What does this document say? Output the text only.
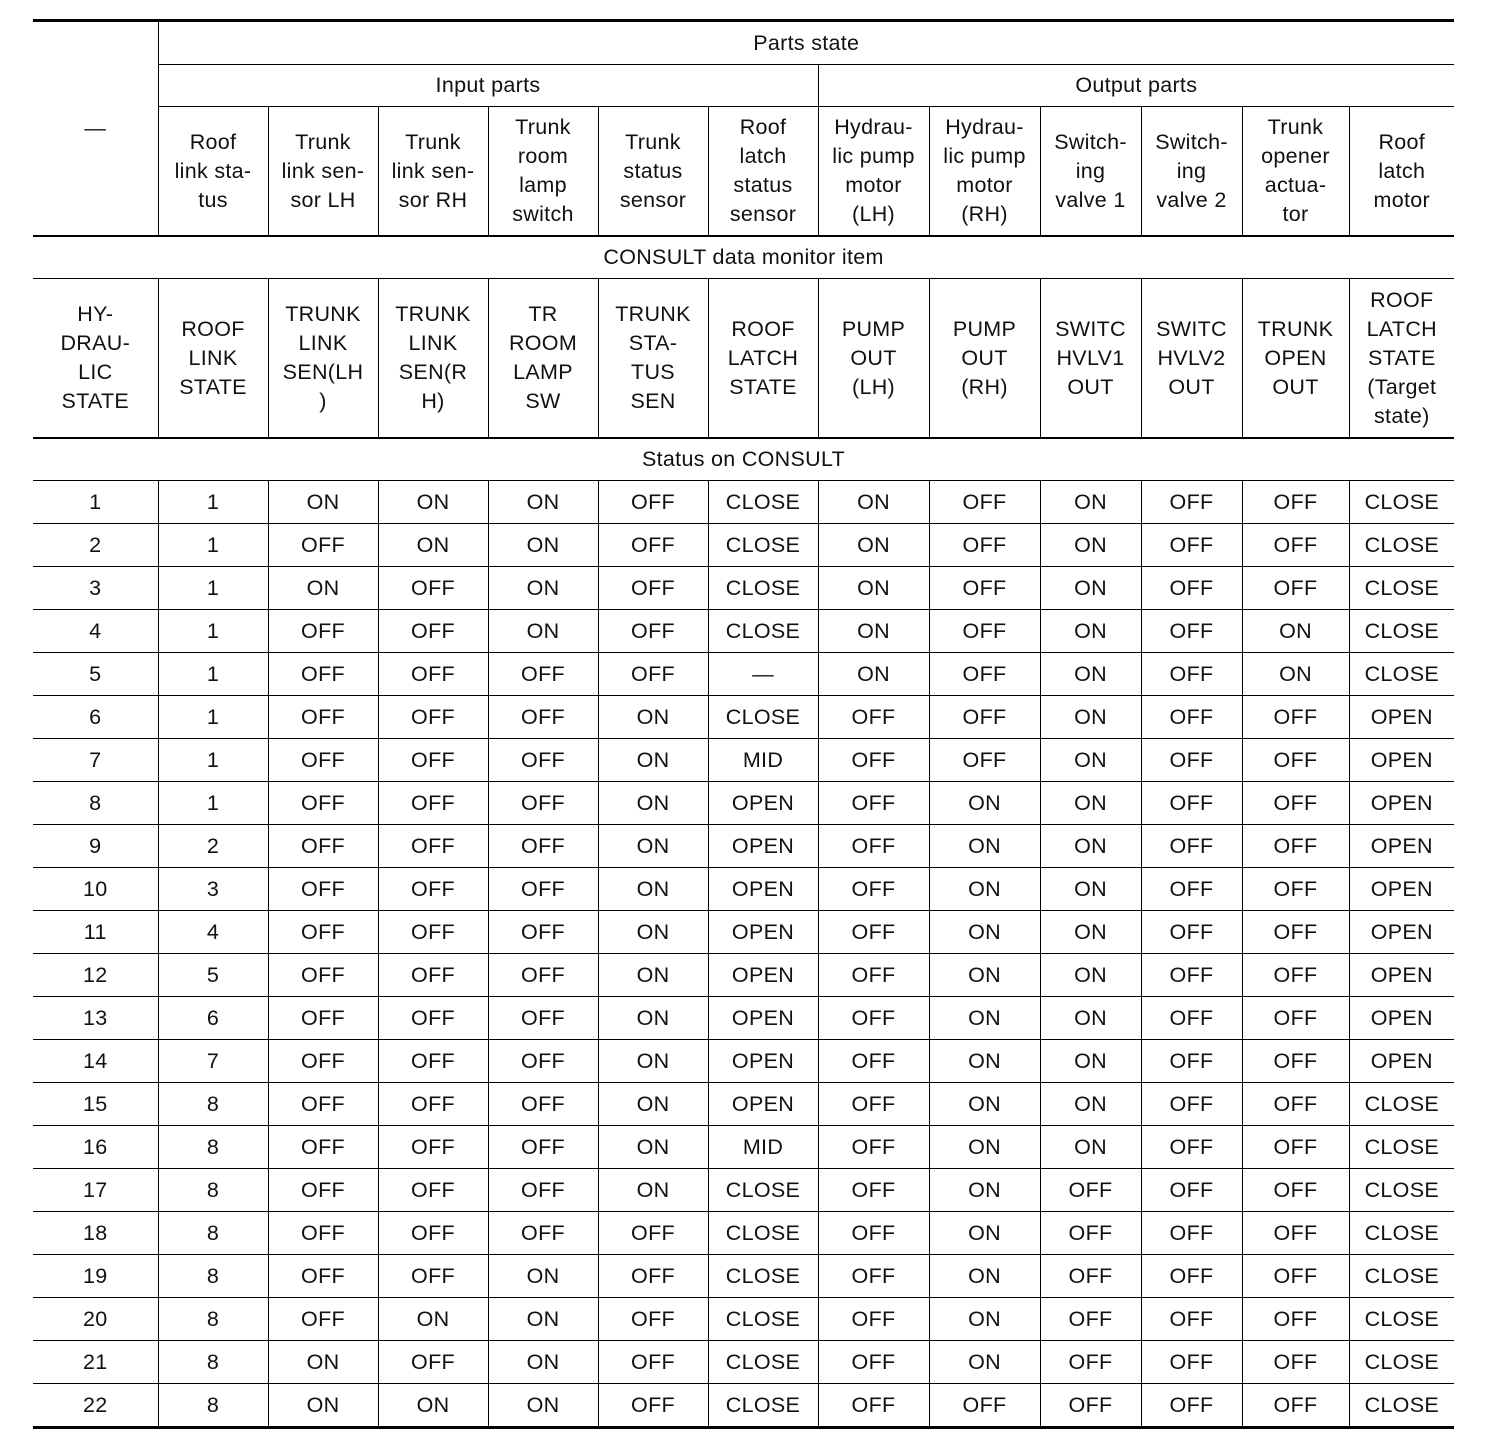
—	Parts state											
	Input parts						Output parts					
	Roof
link sta-
tus	Trunk
link sen-
sor LH	Trunk
link sen-
sor RH	Trunk
room
lamp
switch	Trunk
status
sensor	Roof
latch
status
sensor	Hydrau-
lic pump
motor
(LH)	Hydrau-
lic pump
motor
(RH)	Switch-
ing
valve 1	Switch-
ing
valve 2	Trunk
opener
actua-
tor	Roof
latch
motor
CONSULT data monitor item												
HY-
DRAU-
LIC
STATE	ROOF
LINK
STATE	TRUNK
LINK
SEN(LH
)	TRUNK
LINK
SEN(R
H)	TR
ROOM
LAMP
SW	TRUNK
STA-
TUS
SEN	ROOF
LATCH
STATE	PUMP
OUT
(LH)	PUMP
OUT
(RH)	SWITC
HVLV1
OUT	SWITC
HVLV2
OUT	TRUNK
OPEN
OUT	ROOF
LATCH
STATE
(Target
state)
Status on CONSULT												
1	1	ON	ON	ON	OFF	CLOSE	ON	OFF	ON	OFF	OFF	CLOSE
2	1	OFF	ON	ON	OFF	CLOSE	ON	OFF	ON	OFF	OFF	CLOSE
3	1	ON	OFF	ON	OFF	CLOSE	ON	OFF	ON	OFF	OFF	CLOSE
4	1	OFF	OFF	ON	OFF	CLOSE	ON	OFF	ON	OFF	ON	CLOSE
5	1	OFF	OFF	OFF	OFF	—	ON	OFF	ON	OFF	ON	CLOSE
6	1	OFF	OFF	OFF	ON	CLOSE	OFF	OFF	ON	OFF	OFF	OPEN
7	1	OFF	OFF	OFF	ON	MID	OFF	OFF	ON	OFF	OFF	OPEN
8	1	OFF	OFF	OFF	ON	OPEN	OFF	ON	ON	OFF	OFF	OPEN
9	2	OFF	OFF	OFF	ON	OPEN	OFF	ON	ON	OFF	OFF	OPEN
10	3	OFF	OFF	OFF	ON	OPEN	OFF	ON	ON	OFF	OFF	OPEN
11	4	OFF	OFF	OFF	ON	OPEN	OFF	ON	ON	OFF	OFF	OPEN
12	5	OFF	OFF	OFF	ON	OPEN	OFF	ON	ON	OFF	OFF	OPEN
13	6	OFF	OFF	OFF	ON	OPEN	OFF	ON	ON	OFF	OFF	OPEN
14	7	OFF	OFF	OFF	ON	OPEN	OFF	ON	ON	OFF	OFF	OPEN
15	8	OFF	OFF	OFF	ON	OPEN	OFF	ON	ON	OFF	OFF	CLOSE
16	8	OFF	OFF	OFF	ON	MID	OFF	ON	ON	OFF	OFF	CLOSE
17	8	OFF	OFF	OFF	ON	CLOSE	OFF	ON	OFF	OFF	OFF	CLOSE
18	8	OFF	OFF	OFF	OFF	CLOSE	OFF	ON	OFF	OFF	OFF	CLOSE
19	8	OFF	OFF	ON	OFF	CLOSE	OFF	ON	OFF	OFF	OFF	CLOSE
20	8	OFF	ON	ON	OFF	CLOSE	OFF	ON	OFF	OFF	OFF	CLOSE
21	8	ON	OFF	ON	OFF	CLOSE	OFF	ON	OFF	OFF	OFF	CLOSE
22	8	ON	ON	ON	OFF	CLOSE	OFF	OFF	OFF	OFF	OFF	CLOSE
